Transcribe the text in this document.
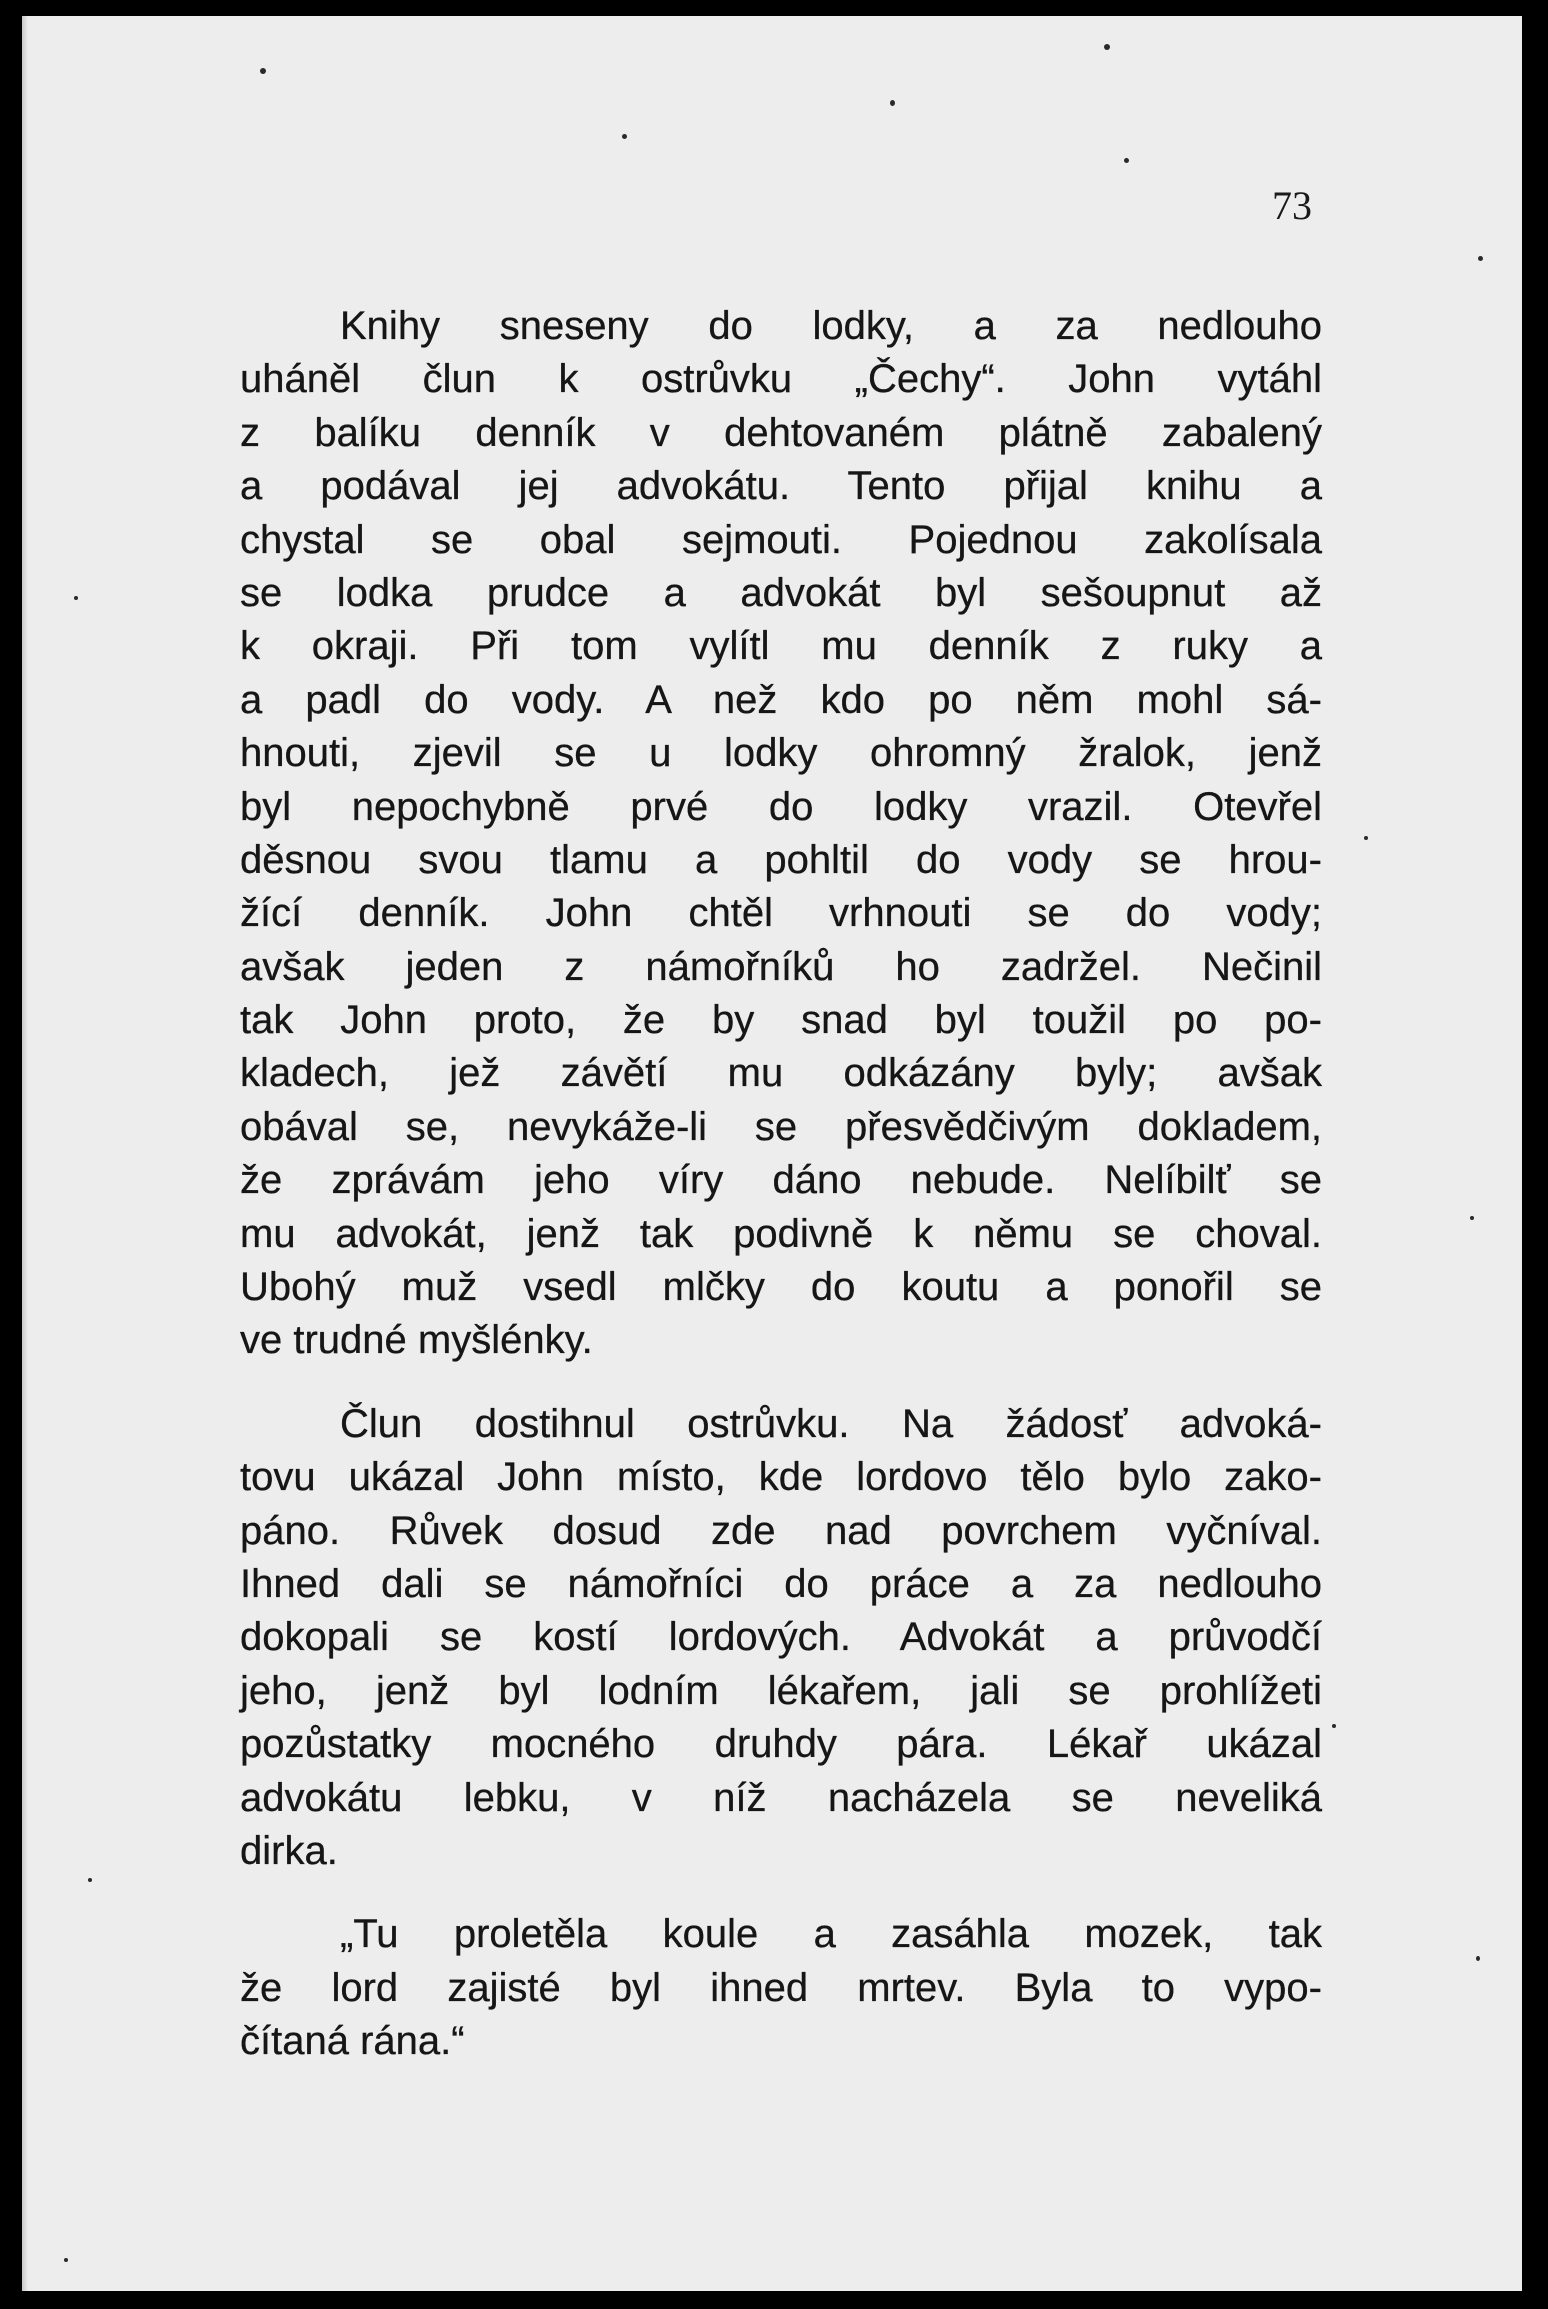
73

Knihy snesenу do lodky, a za nedlouho
uháněl člun k ostrůvku „Čechy“. John vytáhl
z balíku denník v dehtovaném plátně zabalený
a podával jej advokátu. Tento přijal knihu a
chystal se obal sejmouti. Pojednou zakolísala
se lodka prudce a advokát byl sešoupnut až
k okraji. Při tom vylítl mu denník z ruky a
a padl do vody. A než kdo po něm mohl sá-
hnouti, zjevil se u lodky ohromný žralok, jenž
byl nepochybně prvé do lodky vrazil. Otevřel
děsnou svou tlamu a pohltil do vody se hrou-
žící denník. John chtěl vrhnouti se do vody;
avšak jeden z námořníků ho zadržel. Nečinil
tak John proto, že by snad byl toužil po po-
kladech, jež závětí mu odkázány byly; avšak
obával se, nevykáže-li se přesvědčivým dokladem,
že zprávám jeho víry dáno nebude. Nelíbilť se
mu advokát, jenž tak podivně k němu se choval.
Ubohý muž vsedl mlčky do koutu a ponořil se
ve trudné myšlénky.

Člun dostihnul ostrůvku. Na žádosť advoká-
tovu ukázal John místo, kde lordovo tělo bylo zako-
páno. Růvek dosud zde nad povrchem vyčníval.
Ihned dali se námořníci do práce a za nedlouho
dokopali se kostí lordových. Advokát a průvodčí
jeho, jenž byl lodním lékařem, jali se prohlížeti
pozůstatky mocného druhdy pára. Lékař ukázal
advokátu lebku, v níž nacházela se neveliká
dirka.

„Tu proletěla koule a zasáhla mozek, tak
že lord zajisté byl ihned mrtev. Byla to vypo-
čítaná rána.“
